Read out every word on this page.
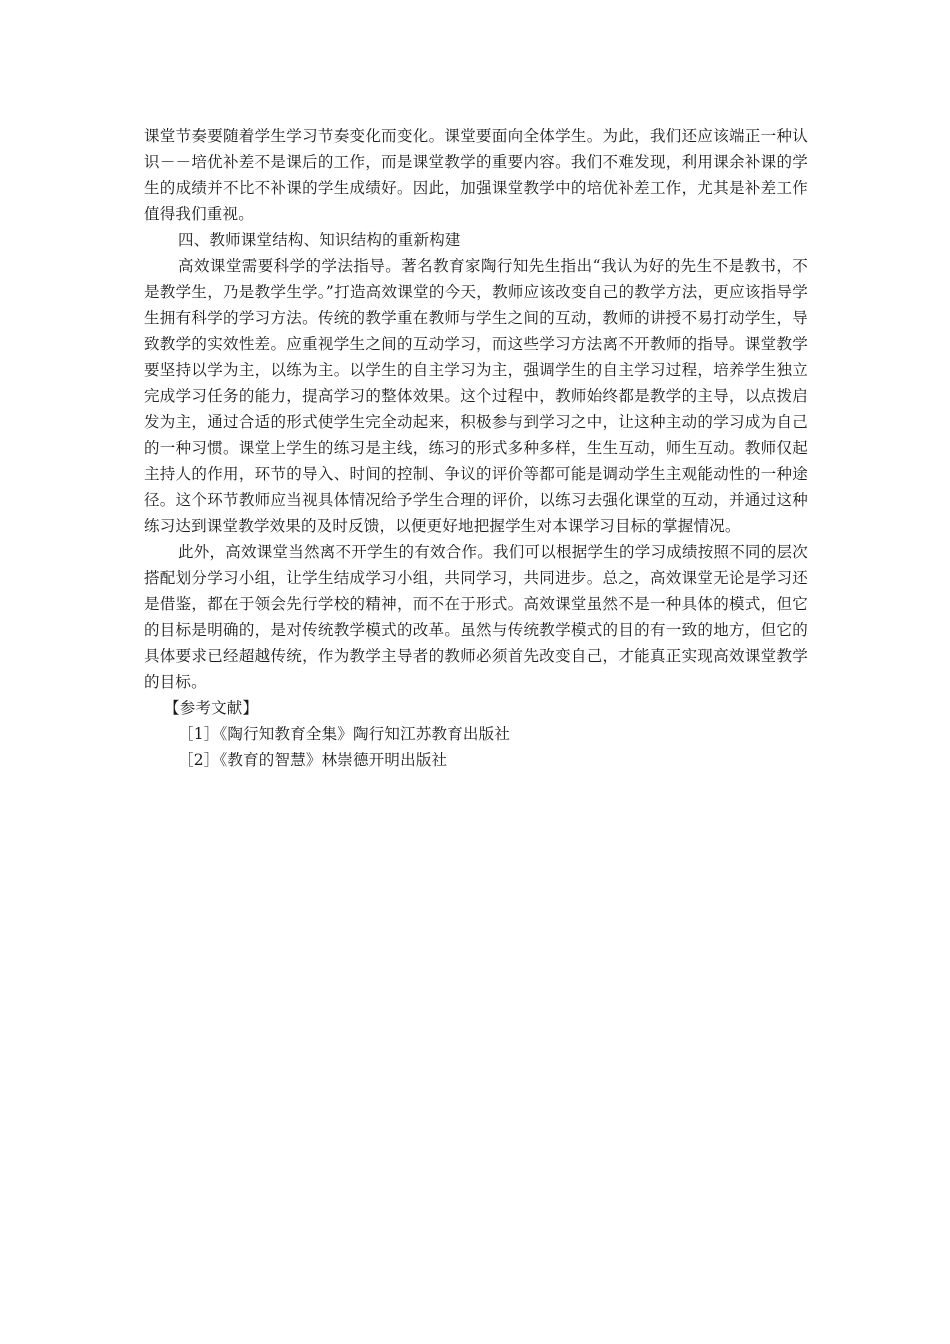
课堂节奏要随着学生学习节奏变化而变化。课堂要面向全体学生。为此，我们还应该端正一种认识－－培优补差不是课后的工作，而是课堂教学的重要内容。我们不难发现，利用课余补课的学生的成绩并不比不补课的学生成绩好。因此，加强课堂教学中的培优补差工作，尤其是补差工作值得我们重视。

四、教师课堂结构、知识结构的重新构建

高效课堂需要科学的学法指导。著名教育家陶行知先生指出“我认为好的先生不是教书，不是教学生，乃是教学生学。”打造高效课堂的今天，教师应该改变自己的教学方法，更应该指导学生拥有科学的学习方法。传统的教学重在教师与学生之间的互动，教师的讲授不易打动学生，导致教学的实效性差。应重视学生之间的互动学习，而这些学习方法离不开教师的指导。课堂教学要坚持以学为主，以练为主。以学生的自主学习为主，强调学生的自主学习过程，培养学生独立完成学习任务的能力，提高学习的整体效果。这个过程中，教师始终都是教学的主导，以点拨启发为主，通过合适的形式使学生完全动起来，积极参与到学习之中，让这种主动的学习成为自己的一种习惯。课堂上学生的练习是主线，练习的形式多种多样，生生互动，师生互动。教师仅起主持人的作用，环节的导入、时间的控制、争议的评价等都可能是调动学生主观能动性的一种途径。这个环节教师应当视具体情况给予学生合理的评价，以练习去强化课堂的互动，并通过这种练习达到课堂教学效果的及时反馈，以便更好地把握学生对本课学习目标的掌握情况。

此外，高效课堂当然离不开学生的有效合作。我们可以根据学生的学习成绩按照不同的层次搭配划分学习小组，让学生结成学习小组，共同学习，共同进步。总之，高效课堂无论是学习还是借鉴，都在于领会先行学校的精神，而不在于形式。高效课堂虽然不是一种具体的模式，但它的目标是明确的，是对传统教学模式的改革。虽然与传统教学模式的目的有一致的地方，但它的具体要求已经超越传统，作为教学主导者的教师必须首先改变自己，才能真正实现高效课堂教学的目标。

【参考文献】

［1］《陶行知教育全集》陶行知江苏教育出版社

［2］《教育的智慧》林崇德开明出版社
